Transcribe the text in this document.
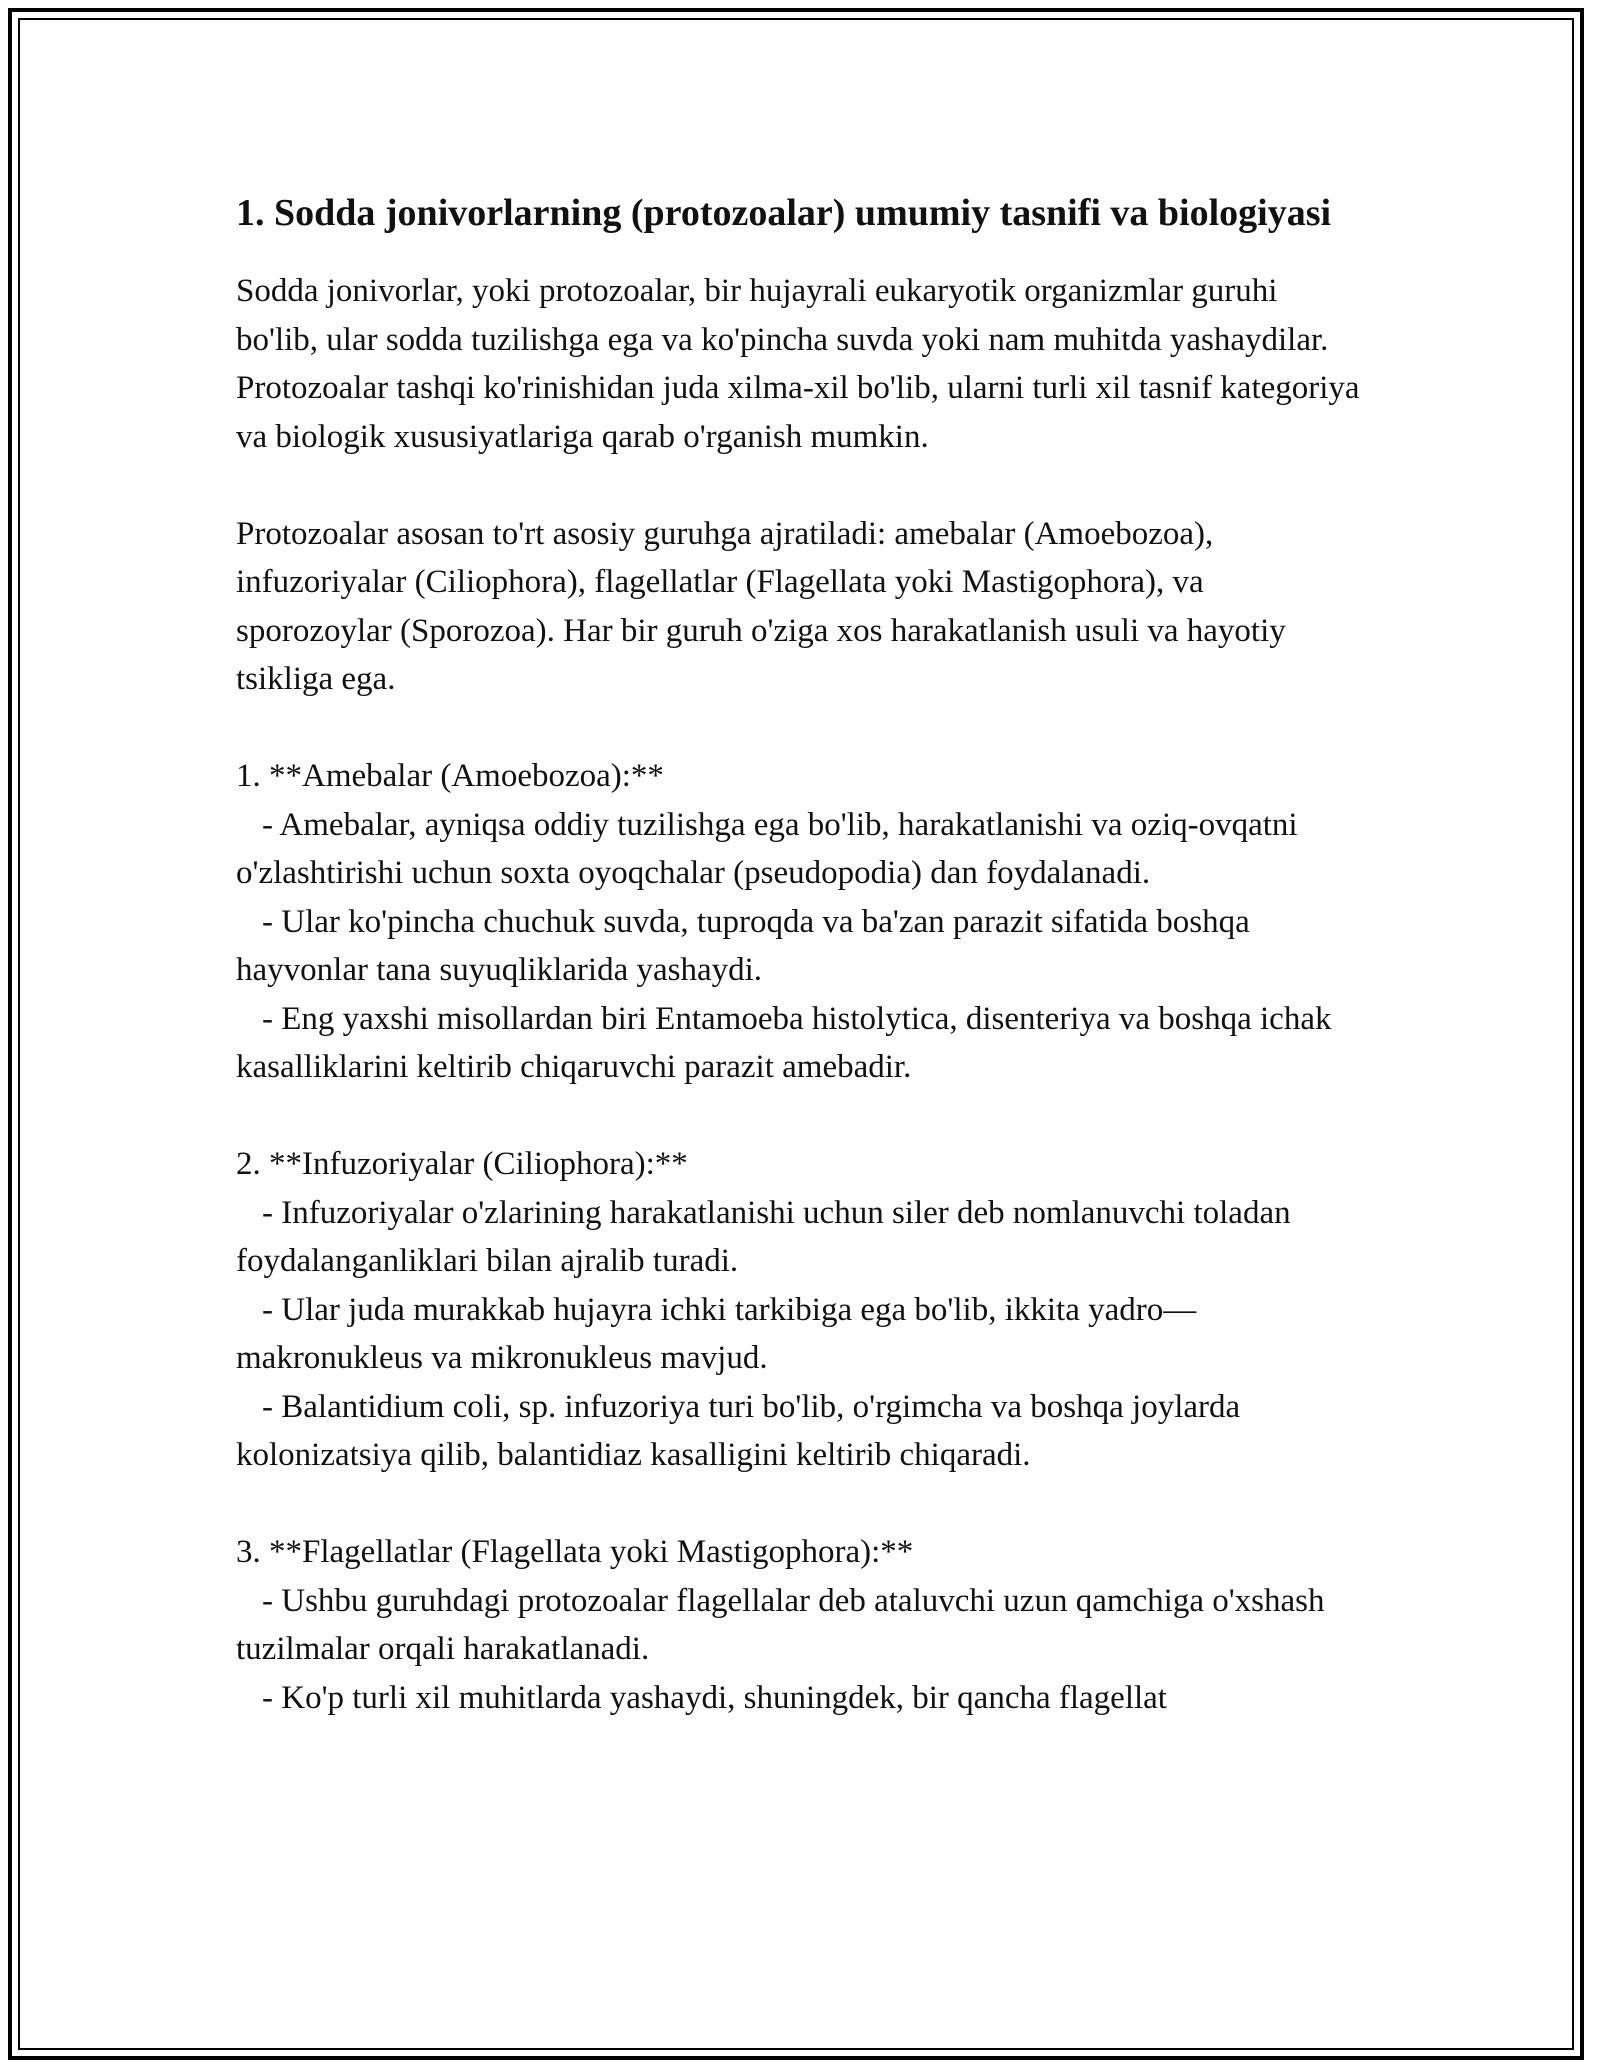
1. Sodda jonivorlarning (protozoalar) umumiy tasnifi va biologiyasi

Sodda jonivorlar, yoki protozoalar, bir hujayrali eukaryotik organizmlar guruhi bo'lib, ular sodda tuzilishga ega va ko'pincha suvda yoki nam muhitda yashaydilar. Protozoalar tashqi ko'rinishidan juda xilma-xil bo'lib, ularni turli xil tasnif kategoriya va biologik xususiyatlariga qarab o'rganish mumkin.

Protozoalar asosan to'rt asosiy guruhga ajratiladi: amebalar (Amoebozoa), infuzoriyalar (Ciliophora), flagellatlar (Flagellata yoki Mastigophora), va sporozoylar (Sporozoa). Har bir guruh o'ziga xos harakatlanish usuli va hayotiy tsikliga ega.

1. **Amebalar (Amoebozoa):**

- Amebalar, ayniqsa oddiy tuzilishga ega bo'lib, harakatlanishi va oziq-ovqatni o'zlashtirishi uchun soxta oyoqchalar (pseudopodia) dan foydalanadi.

- Ular ko'pincha chuchuk suvda, tuproqda va ba'zan parazit sifatida boshqa hayvonlar tana suyuqliklarida yashaydi.

- Eng yaxshi misollardan biri Entamoeba histolytica, disenteriya va boshqa ichak kasalliklarini keltirib chiqaruvchi parazit amebadir.

2. **Infuzoriyalar (Ciliophora):**

- Infuzoriyalar o'zlarining harakatlanishi uchun siler deb nomlanuvchi toladan foydalanganliklari bilan ajralib turadi.

- Ular juda murakkab hujayra ichki tarkibiga ega bo'lib, ikkita yadro—makronukleus va mikronukleus mavjud.

- Balantidium coli, sp. infuzoriya turi bo'lib, o'rgimcha va boshqa joylarda kolonizatsiya qilib, balantidiaz kasalligini keltirib chiqaradi.

3. **Flagellatlar (Flagellata yoki Mastigophora):**

- Ushbu guruhdagi protozoalar flagellalar deb ataluvchi uzun qamchiga o'xshash tuzilmalar orqali harakatlanadi.

- Ko'p turli xil muhitlarda yashaydi, shuningdek, bir qancha flagellat
